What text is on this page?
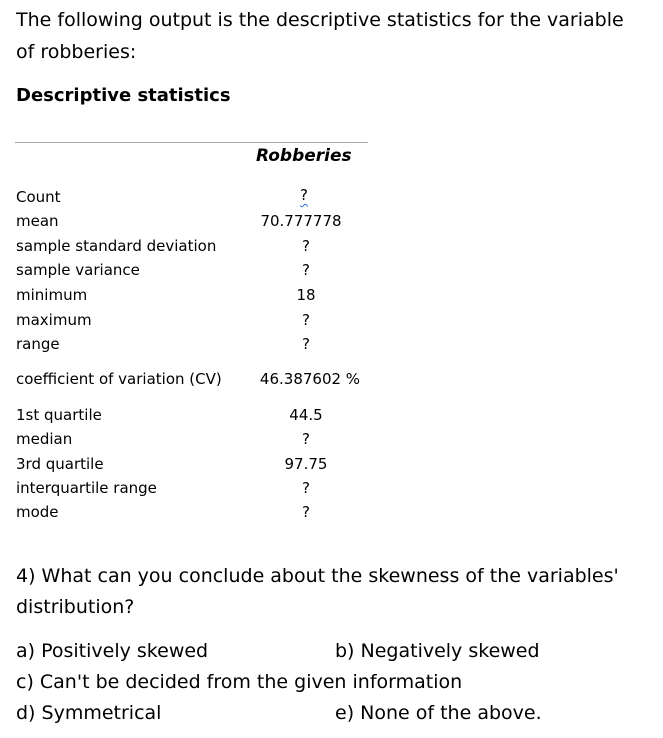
The following output is the descriptive statistics for the variable
of robberies:
Descriptive statistics
Robberies
Count	?
mean	70.777778
sample standard deviation	?
sample variance	?
minimum	18
maximum	?
range	?
coefficient of variation (CV)	46.387602 %
1st quartile	44.5
median	?
3rd quartile	97.75
interquartile range	?
mode	?
4) What can you conclude about the skewness of the variables'
distribution?
a) Positively skewed	b) Negatively skewed
c) Can't be decided from the given information
d) Symmetrical	e) None of the above.
